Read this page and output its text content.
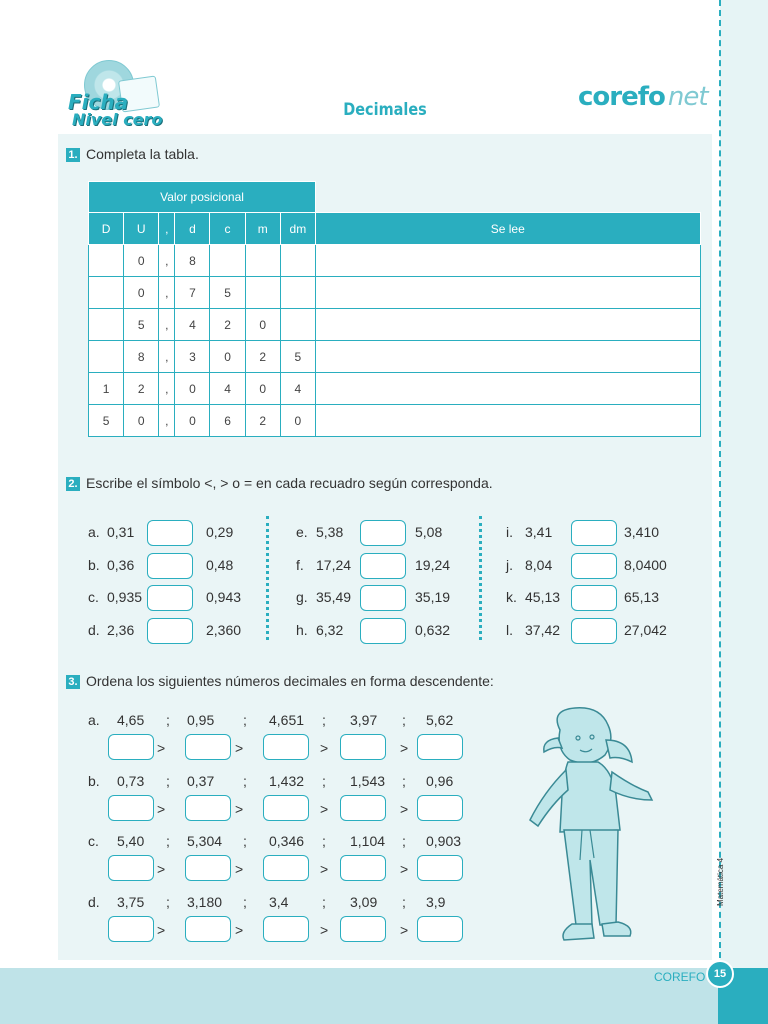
Ficha
Nivel cero	Decimales	corefo net
1. Completa la tabla.
Valor posicional							
D	U	,	d	c	m	dm	Se lee
	0	,	8				
	0	,	7	5			
	5	,	4	2	0		
	8	,	3	0	2	5	
1	2	,	0	4	0	4	
5	0	,	0	6	2	0	
2. Escribe el símbolo <, > o = en cada recuadro según corresponda.
a. 0,31	0,29
b. 0,36	0,48
c. 0,935	0,943
d. 2,36	2,360
e. 5,38	5,08
f. 17,24	19,24
g. 35,49	35,19
h. 6,32	0,632
i. 3,41	3,410
j. 8,04	8,0400
k. 45,13	65,13
l. 37,42	27,042
3. Ordena los siguientes números decimales en forma descendente:
a. 4,65	0,95	4,651	3,97	5,62
;	;	;	;
>	>	>	>
b. 0,73	0,37	1,432	1,543	0,96
;	;	;	;
>	>	>	>
c. 5,40	5,304	0,346	1,104	0,903
;	;	;	;
>	>	>	>
d. 3,75	3,180	3,4	3,09	3,9
;	;	;	;
>	>	>	>
COREFO 15
Matemática 4
